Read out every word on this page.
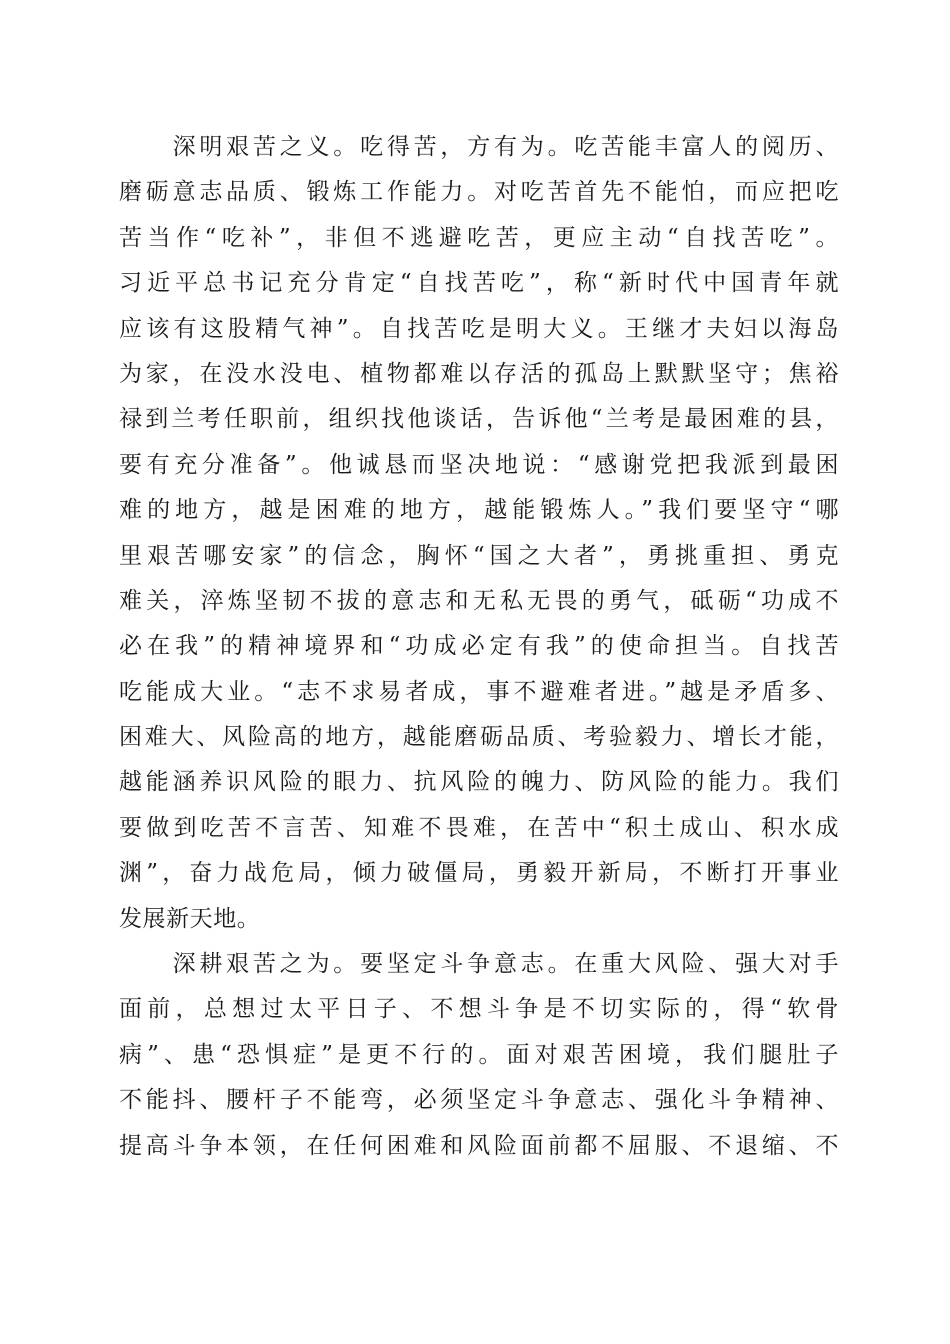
　　深明艰苦之义。吃得苦，方有为。吃苦能丰富人的阅历、
磨砺意志品质、锻炼工作能力。对吃苦首先不能怕，而应把吃
苦当作“吃补”，非但不逃避吃苦，更应主动“自找苦吃”。
习近平总书记充分肯定“自找苦吃”，称“新时代中国青年就
应该有这股精气神”。自找苦吃是明大义。王继才夫妇以海岛
为家，在没水没电、植物都难以存活的孤岛上默默坚守；焦裕
禄到兰考任职前，组织找他谈话，告诉他“兰考是最困难的县，
要有充分准备”。他诚恳而坚决地说：“感谢党把我派到最困
难的地方，越是困难的地方，越能锻炼人。”我们要坚守“哪
里艰苦哪安家”的信念，胸怀“国之大者”，勇挑重担、勇克
难关，淬炼坚韧不拔的意志和无私无畏的勇气，砥砺“功成不
必在我”的精神境界和“功成必定有我”的使命担当。自找苦
吃能成大业。“志不求易者成，事不避难者进。”越是矛盾多、
困难大、风险高的地方，越能磨砺品质、考验毅力、增长才能，
越能涵养识风险的眼力、抗风险的魄力、防风险的能力。我们
要做到吃苦不言苦、知难不畏难，在苦中“积土成山、积水成
渊”，奋力战危局，倾力破僵局，勇毅开新局，不断打开事业
发展新天地。
　　深耕艰苦之为。要坚定斗争意志。在重大风险、强大对手
面前，总想过太平日子、不想斗争是不切实际的，得“软骨
病”、患“恐惧症”是更不行的。面对艰苦困境，我们腿肚子
不能抖、腰杆子不能弯，必须坚定斗争意志、强化斗争精神、
提高斗争本领，在任何困难和风险面前都不屈服、不退缩、不
